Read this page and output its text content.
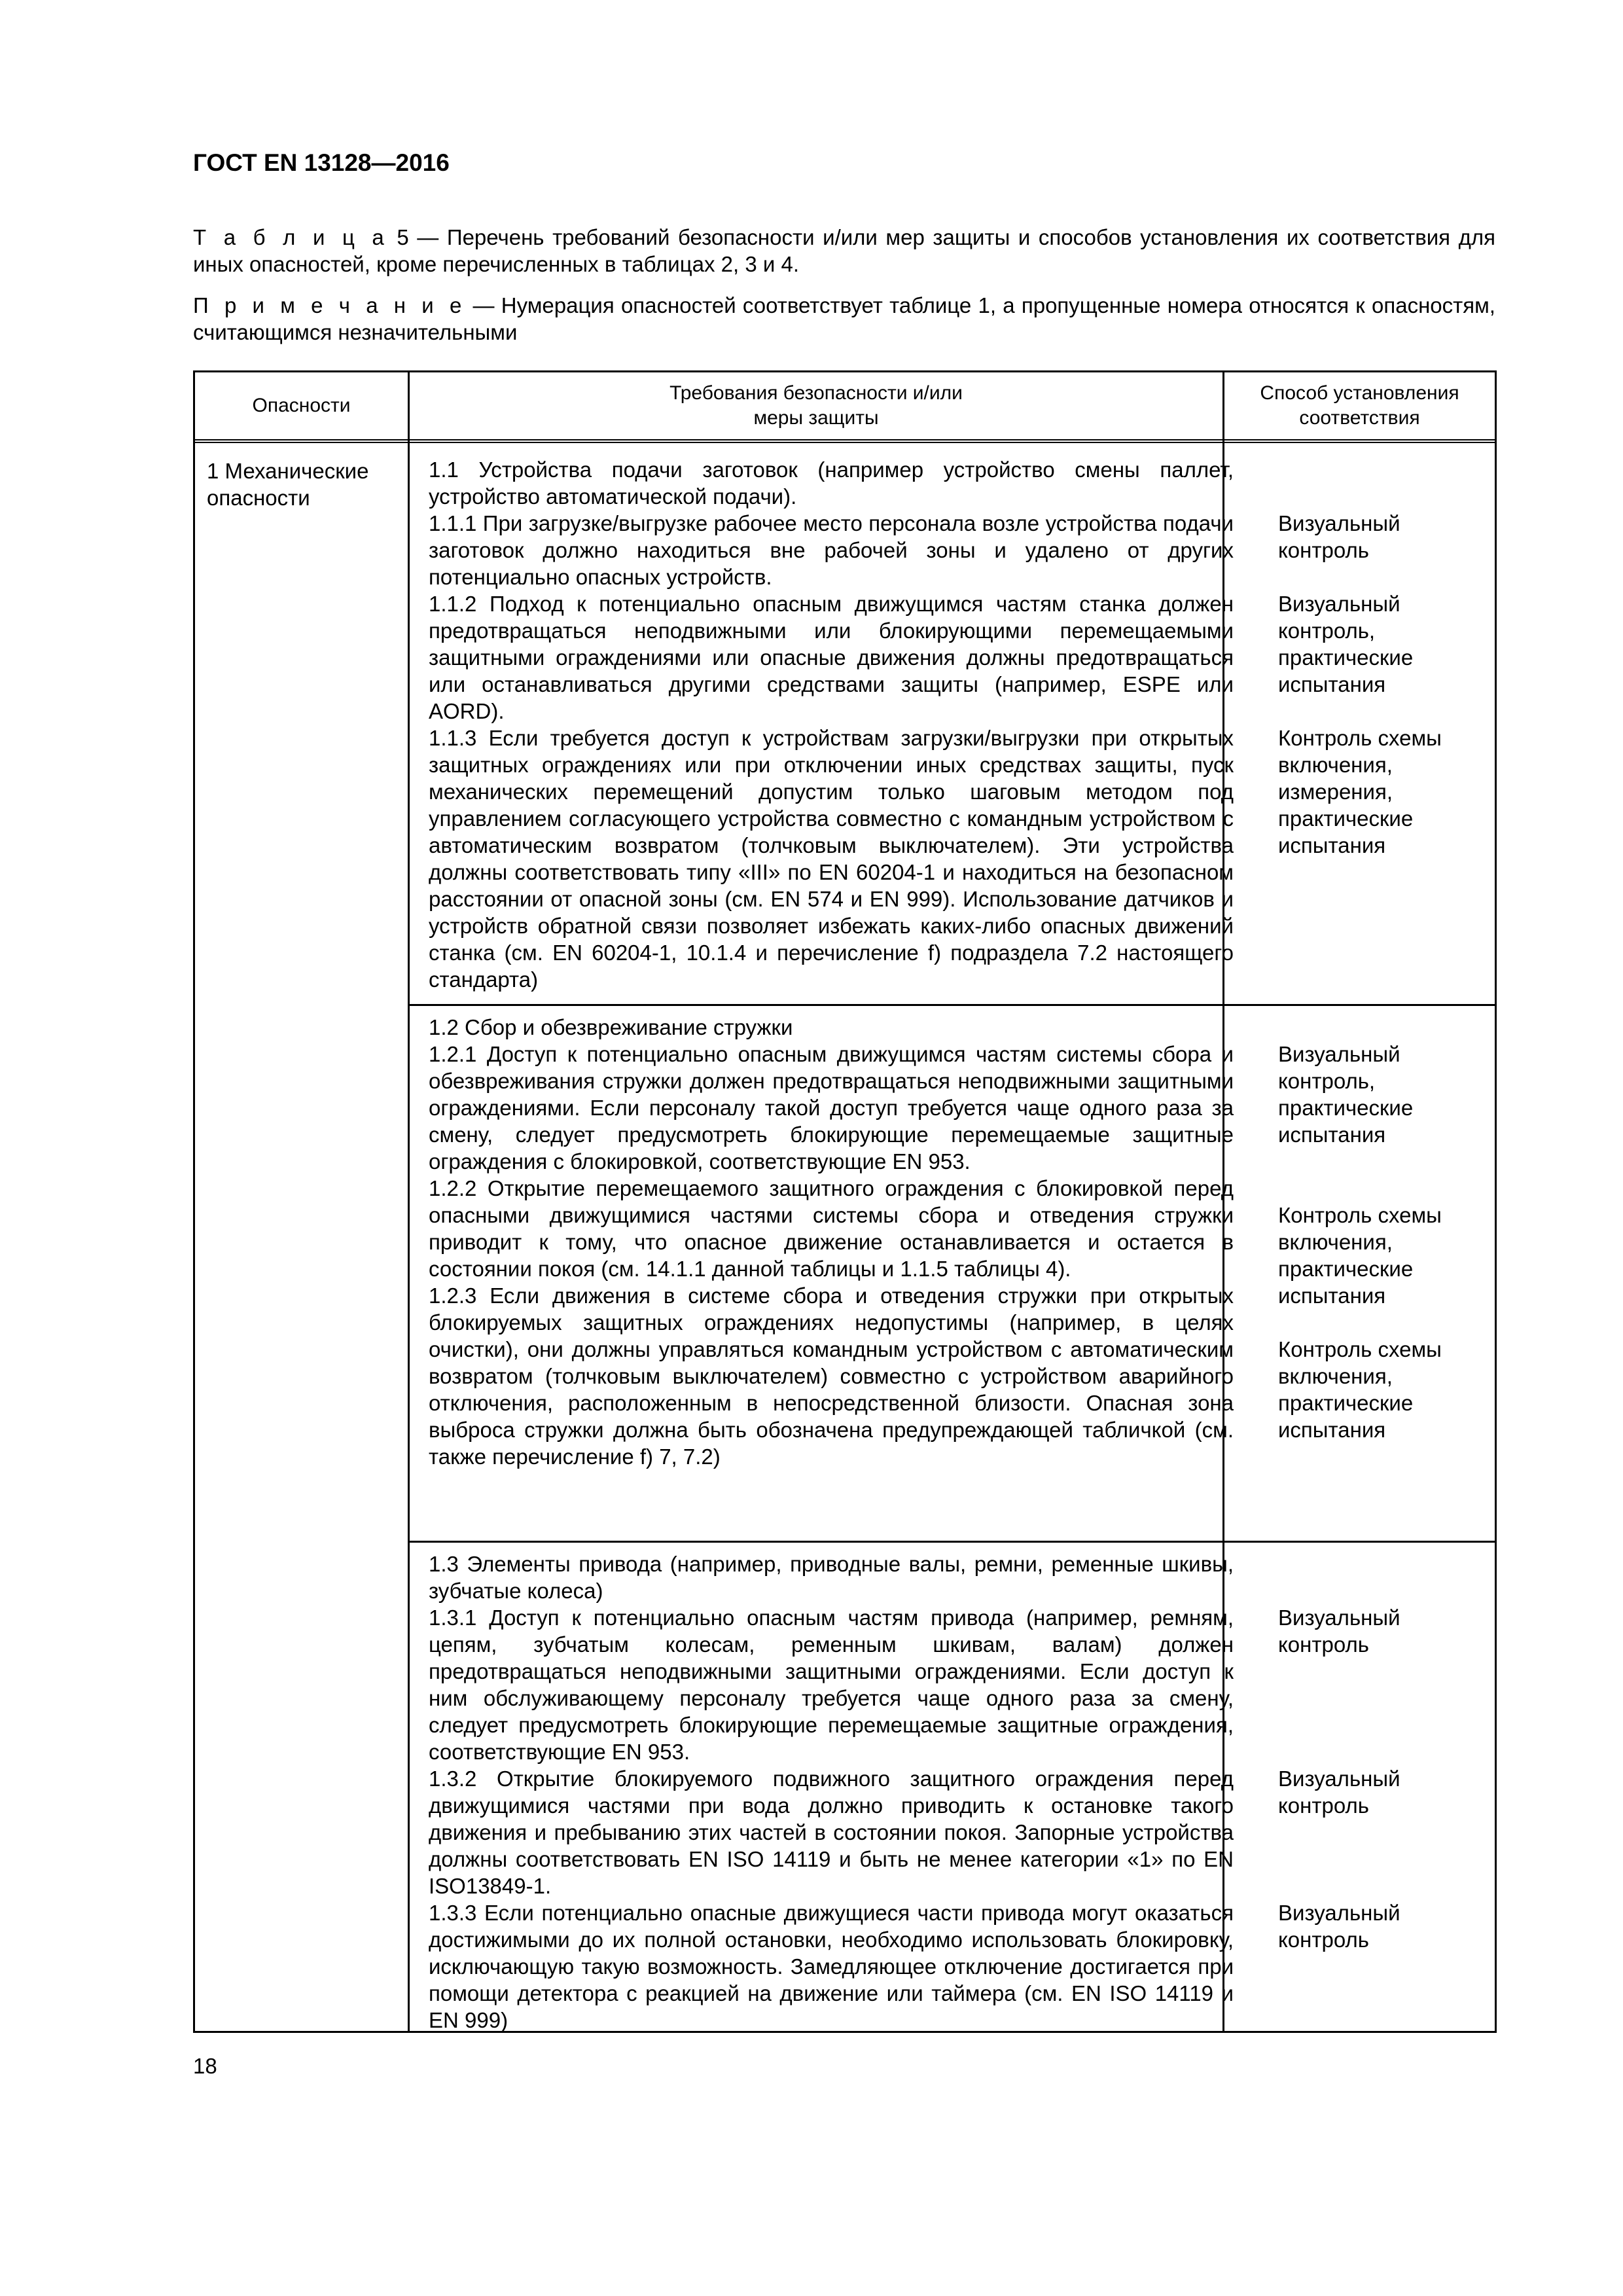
ГОСТ EN 13128—2016
Т а б л и ц а 5 — Перечень требований безопасности и/или мер защиты и способов установления их соответствия для иных опасностей, кроме перечисленных в таблицах 2, 3 и 4.
П р и м е ч а н и е — Нумерация опасностей соответствует таблице 1, а пропущенные номера относятся к опасностям, считающимся незначительными
Опасности
Требования безопасности и/или
меры защиты
Способ установления
соответствия
1 Механические опасности

1.1 Устройства подачи заготовок (например устройство смены паллет, устройство автоматической подачи).

1.1.1 При загрузке/выгрузке рабочее место персонала возле устройства подачи заготовок должно находиться вне рабочей зоны и удалено от других потенциально опасных устройств.

1.1.2 Подход к потенциально опасным движущимся частям станка должен предотвращаться неподвижными или блокирующими перемещаемыми защитными ограждениями или опасные движения должны предотвращаться или останавливаться другими средствами защиты (например, ESPE или AORD).

1.1.3 Если требуется доступ к устройствам загрузки/выгрузки при открытых защитных ограждениях или при отключении иных средствах защиты, пуск механических перемещений допустим только шаговым методом под управлением согласующего устройства совместно с командным устройством с автоматическим возвратом (толчковым выключателем). Эти устройства должны соответствовать типу «III» по EN 60204-1 и находиться на безопасном расстоянии от опасной зоны (см. EN 574 и EN 999). Использование датчиков и устройств обратной связи позволяет избежать каких-либо опасных движений станка (см. EN 60204-1, 10.1.4 и перечисление f) подраздела 7.2 настоящего стандарта)

Визуальный контроль
Визуальный контроль, практические испытания
Контроль схемы включения, измерения, практические испытания

1.2 Сбор и обезвреживание стружки

1.2.1 Доступ к потенциально опасным движущимся частям системы сбора и обезвреживания стружки должен предотвращаться неподвижными защитными ограждениями. Если персоналу такой доступ требуется чаще одного раза за смену, следует предусмотреть блокирующие перемещаемые защитные ограждения с блокировкой, соответствующие EN 953.

1.2.2 Открытие перемещаемого защитного ограждения с блокировкой перед опасными движущимися частями системы сбора и отведения стружки приводит к тому, что опасное движение останавливается и остается в состоянии покоя (см. 14.1.1 данной таблицы и 1.1.5 таблицы 4).

1.2.3 Если движения в системе сбора и отведения стружки при открытых блокируемых защитных ограждениях недопустимы (например, в целях очистки), они должны управляться командным устройством с автоматическим возвратом (толчковым выключателем) совместно с устройством аварийного отключения, расположенным в непосредственной близости. Опасная зона выброса стружки должна быть обозначена предупреждающей табличкой (см. также перечисление f) 7, 7.2)

Визуальный контроль, практические испытания
Контроль схемы включения, практические испытания
Контроль схемы включения, практические испытания

1.3 Элементы привода (например, приводные валы, ремни, ременные шкивы, зубчатые колеса)

1.3.1 Доступ к потенциально опасным частям привода (например, ремням, цепям, зубчатым колесам, ременным шкивам, валам) должен предотвращаться неподвижными защитными ограждениями. Если доступ к ним обслуживающему персоналу требуется чаще одного раза за смену, следует предусмотреть блокирующие перемещаемые защитные ограждения, соответствующие EN 953.

1.3.2 Открытие блокируемого подвижного защитного ограждения перед движущимися частями при вода должно приводить к остановке такого движения и пребыванию этих частей в состоянии покоя. Запорные устройства должны соответствовать EN ISO 14119 и быть не менее категории «1» по EN ISO13849-1.

1.3.3 Если потенциально опасные движущиеся части привода могут оказаться достижимыми до их полной остановки, необходимо использовать блокировку, исключающую такую возможность. Замедляющее отключение достигается при помощи детектора с реакцией на движение или таймера (см. EN ISO 14119 и EN 999)

Визуальный контроль
Визуальный контроль
Визуальный контроль
18
